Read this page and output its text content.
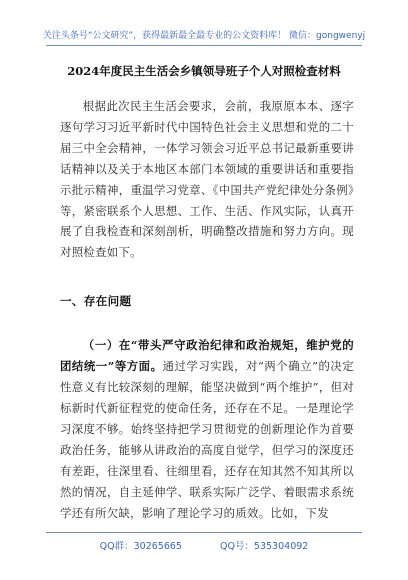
关注头条号“公文研究”，获得最新最全最专业的公文资料库！ 微信：gongwenyj
2024年度民主生活会乡镇领导班子个人对照检查材料

根据此次民主生活会要求，会前，我原原本本、逐字逐句学习习近平新时代中国特色社会主义思想和党的二十届三中全会精神，一体学习领会习近平总书记最新重要讲话精神以及关于本地区本部门本领域的重要讲话和重要指示批示精神，重温学习党章、《中国共产党纪律处分条例》等，紧密联系个人思想、工作、生活、作风实际，认真开展了自我检查和深刻剖析，明确整改措施和努力方向。现对照检查如下。

一、存在问题

（一）在“带头严守政治纪律和政治规矩，维护党的团结统一”等方面。通过学习实践，对“两个确立”的决定性意义有比较深刻的理解，能坚决做到“两个维护”，但对标新时代新征程党的使命任务，还存在不足。一是理论学习深度不够。始终坚持把学习贯彻党的创新理论作为首要政治任务，能够从讲政治的高度自觉学，但学习的深度还有差距，往深里看、往细里看，还存在知其然不知其所以然的情况，自主延伸学、联系实际广泛学、着眼需求系统学还有所欠缺，影响了理论学习的质效。比如，下发

QQ群：30265665	QQ号：535304092
